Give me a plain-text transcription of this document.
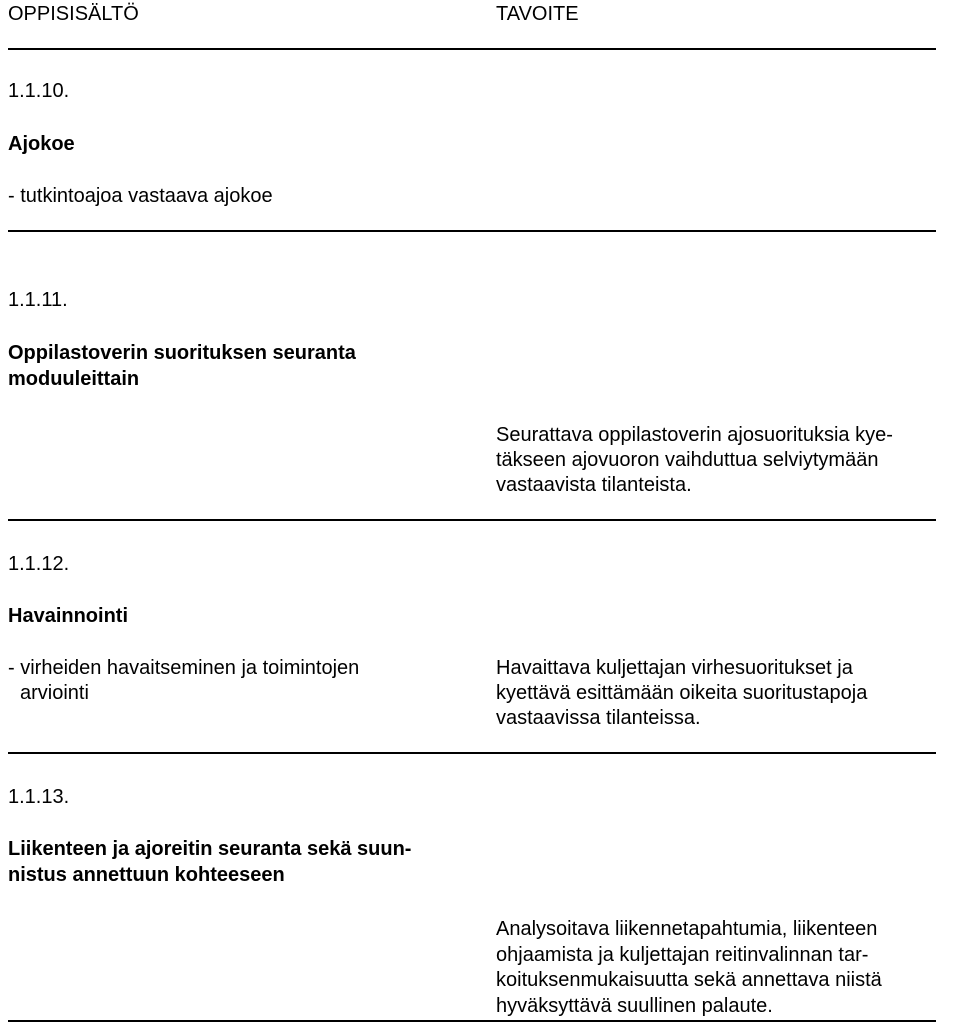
OPPISISÄLTÖ	TAVOITE
1.1.10.
Ajokoe
- tutkintoajoa vastaava ajokoe
1.1.11.
Oppilastoverin suorituksen seuranta
moduuleittain
Seurattava oppilastoverin ajosuorituksia kye-
täkseen ajovuoron vaihduttua selviytymään
vastaavista tilanteista.
1.1.12.
Havainnointi
- virheiden havaitseminen ja toimintojen
arviointi
Havaittava kuljettajan virhesuoritukset ja
kyettävä esittämään oikeita suoritustapoja
vastaavissa tilanteissa.
1.1.13.
Liikenteen ja ajoreitin seuranta sekä suun-
nistus annettuun kohteeseen
Analysoitava liikennetapahtumia, liikenteen
ohjaamista ja kuljettajan reitinvalinnan tar-
koituksenmukaisuutta sekä annettava niistä
hyväksyttävä suullinen palaute.
